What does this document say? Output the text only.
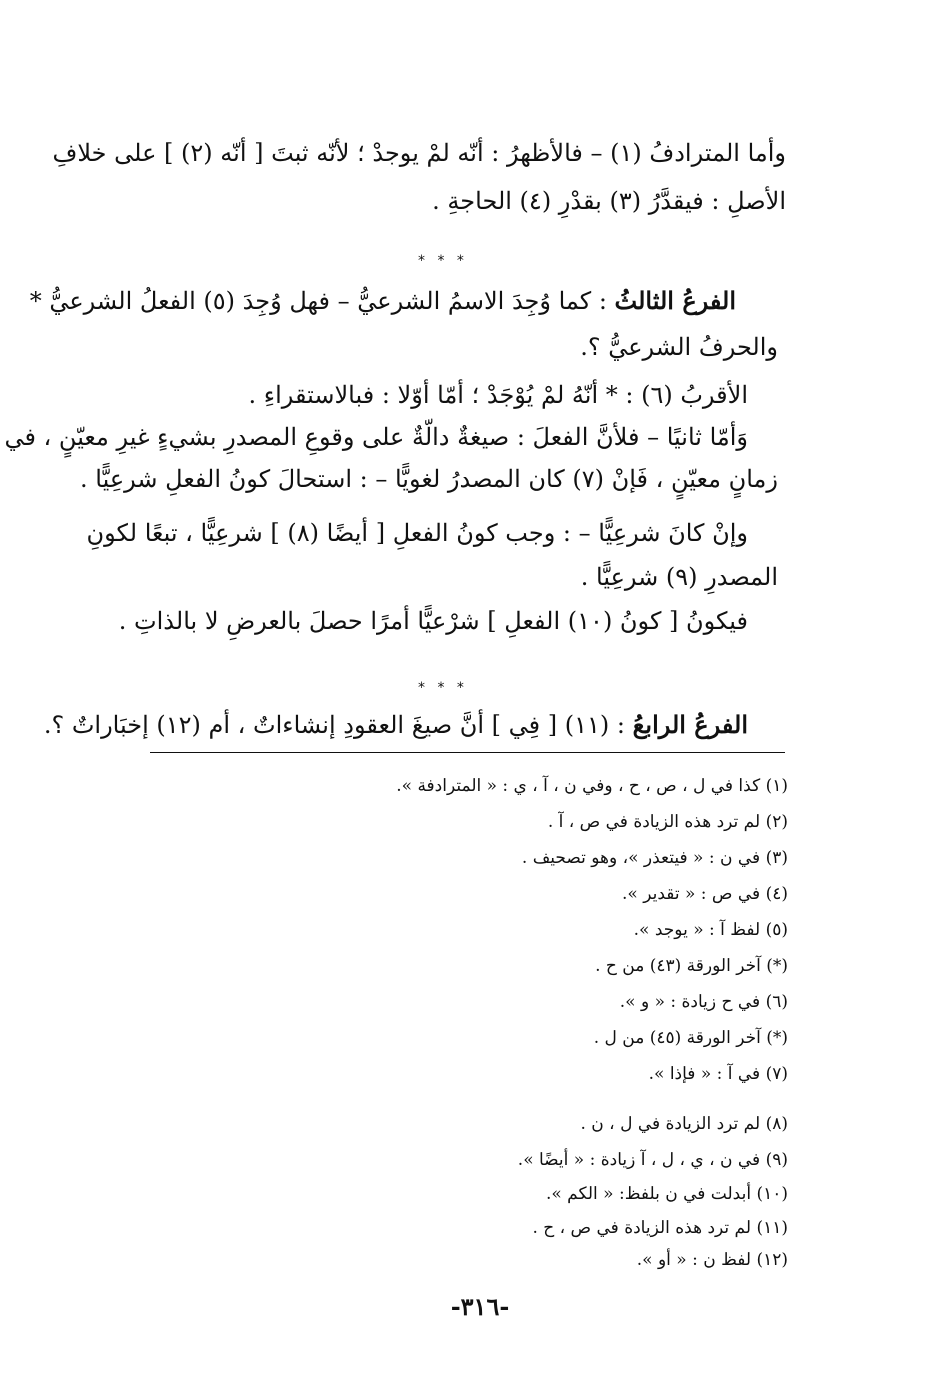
وأما المترادفُ (١) – فالأظهرُ : أنّه لمْ يوجدْ ؛ لأنّه ثبتَ [ أنّه (٢) ] على خلافِ
الأصلِ : فيقدَّرُ (٣) بقدْرِ (٤) الحاجةِ .
* * *
الفرعُ الثالثُ : كما وُجِدَ الاسمُ الشرعيُّ – فهل وُجِدَ (٥) الفعلُ الشرعيُّ *
والحرفُ الشرعيُّ ؟.
الأقربُ (٦) : * أنّهُ لمْ يُوْجَدْ ؛ أمّا أوّلا : فبالاستقراءِ .
وَأمّا ثانيًا – فلأنَّ الفعلَ : صيغةٌ دالّةٌ على وقوعِ المصدرِ بشيءٍ غيرِ معيّنٍ ، في
زمانٍ معيّنٍ ، فَإنْ (٧) كان المصدرُ لغويًّا – : استحالَ كونُ الفعلِ شرعِيًّا .
وإنْ كانَ شرعِيًّا – : وجب كونُ الفعلِ [ أيضًا (٨) ] شرعِيًّا ، تبعًا لكونِ
المصدرِ (٩) شرعِيًّا .
فيكونُ [ كونُ (١٠) الفعلِ ] شرْعيًّا أمرًا حصلَ بالعرضِ لا بالذاتِ .
* * *
الفرعُ الرابعُ : (١١) [ فِي ] أنَّ صيغَ العقودِ إنشاءاتٌ ، أم (١٢) إخبَاراتٌ ؟.
(١) كذا في ل ، ص ، ح ، وفي ن ، آ ، ي : « المترادفة ».
(٢) لم ترد هذه الزيادة في ص ، آ .
(٣) في ن : « فيتعذر »، وهو تصحيف .
(٤) في ص : « تقدير ».
(٥) لفظ آ : « يوجد ».
(*) آخر الورقة (٤٣) من ح .
(٦) في ح زيادة : « و ».
(*) آخر الورقة (٤٥) من ل .
(٧) في آ : « فإذا ».
(٨) لم ترد الزيادة في ل ، ن .
(٩) في ن ، ي ، ل ، آ زيادة : « أيضًا ».
(١٠) أبدلت في ن بلفظ: « الكم ».
(١١) لم ترد هذه الزيادة في ص ، ح .
(١٢) لفظ ن : « أو ».
-٣١٦-
